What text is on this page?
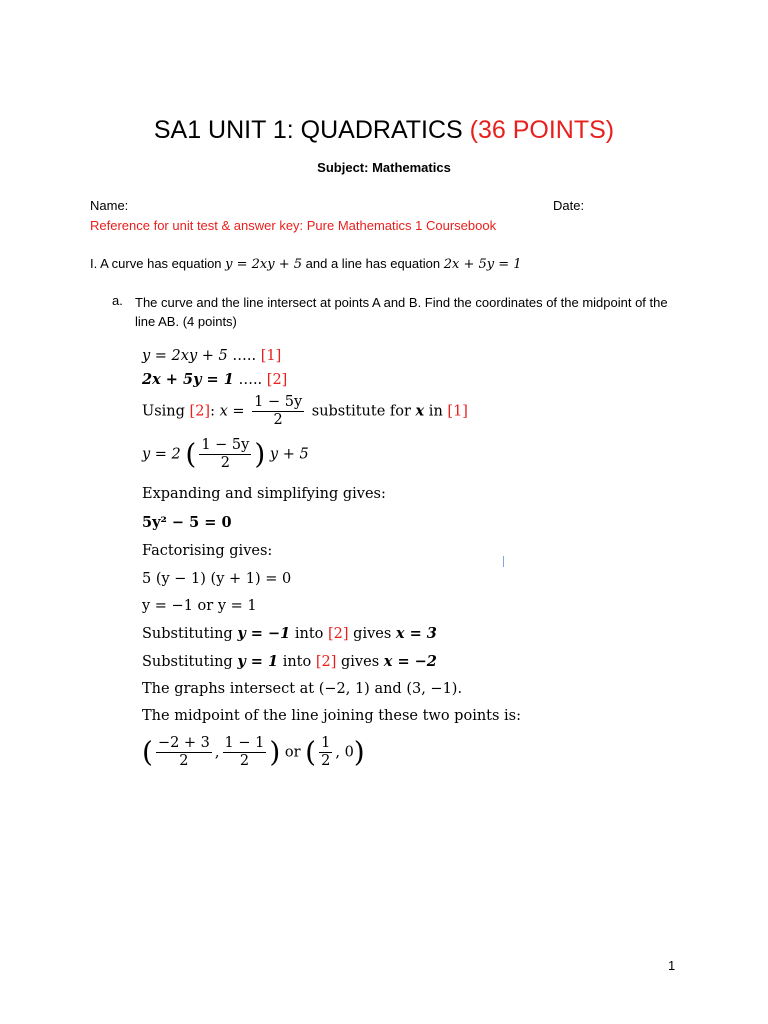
SA1 UNIT 1: QUADRATICS (36 POINTS)
Subject: Mathematics
Name:	Date:
Reference for unit test & answer key: Pure Mathematics 1 Coursebook
I. A curve has equation y = 2xy + 5 and a line has equation 2x + 5y = 1
a. The curve and the line intersect at points A and B. Find the coordinates of the midpoint of the line AB. (4 points)
y = 2xy + 5 ….. [1]
2x + 5y = 1 ….. [2]
Using [2]: $x = \frac{1 - 5y}{2}$ substitute for x in [1]
y = 2 ( $\frac{1 - 5y}{2}$ ) y + 5
Expanding and simplifying gives:
5y² − 5 = 0
Factorising gives:
5 (y − 1) (y + 1) = 0
y = −1 or y = 1
Substituting y = −1 into [2] gives x = 3
Substituting y = 1 into [2] gives x = −2
The graphs intersect at (−2, 1) and (3, −1).
The midpoint of the line joining these two points is:
( $\frac{-2 + 3}{2}$ , $\frac{1 - 1}{2}$ ) or ( $\frac{1}{2}$ , 0)
1
